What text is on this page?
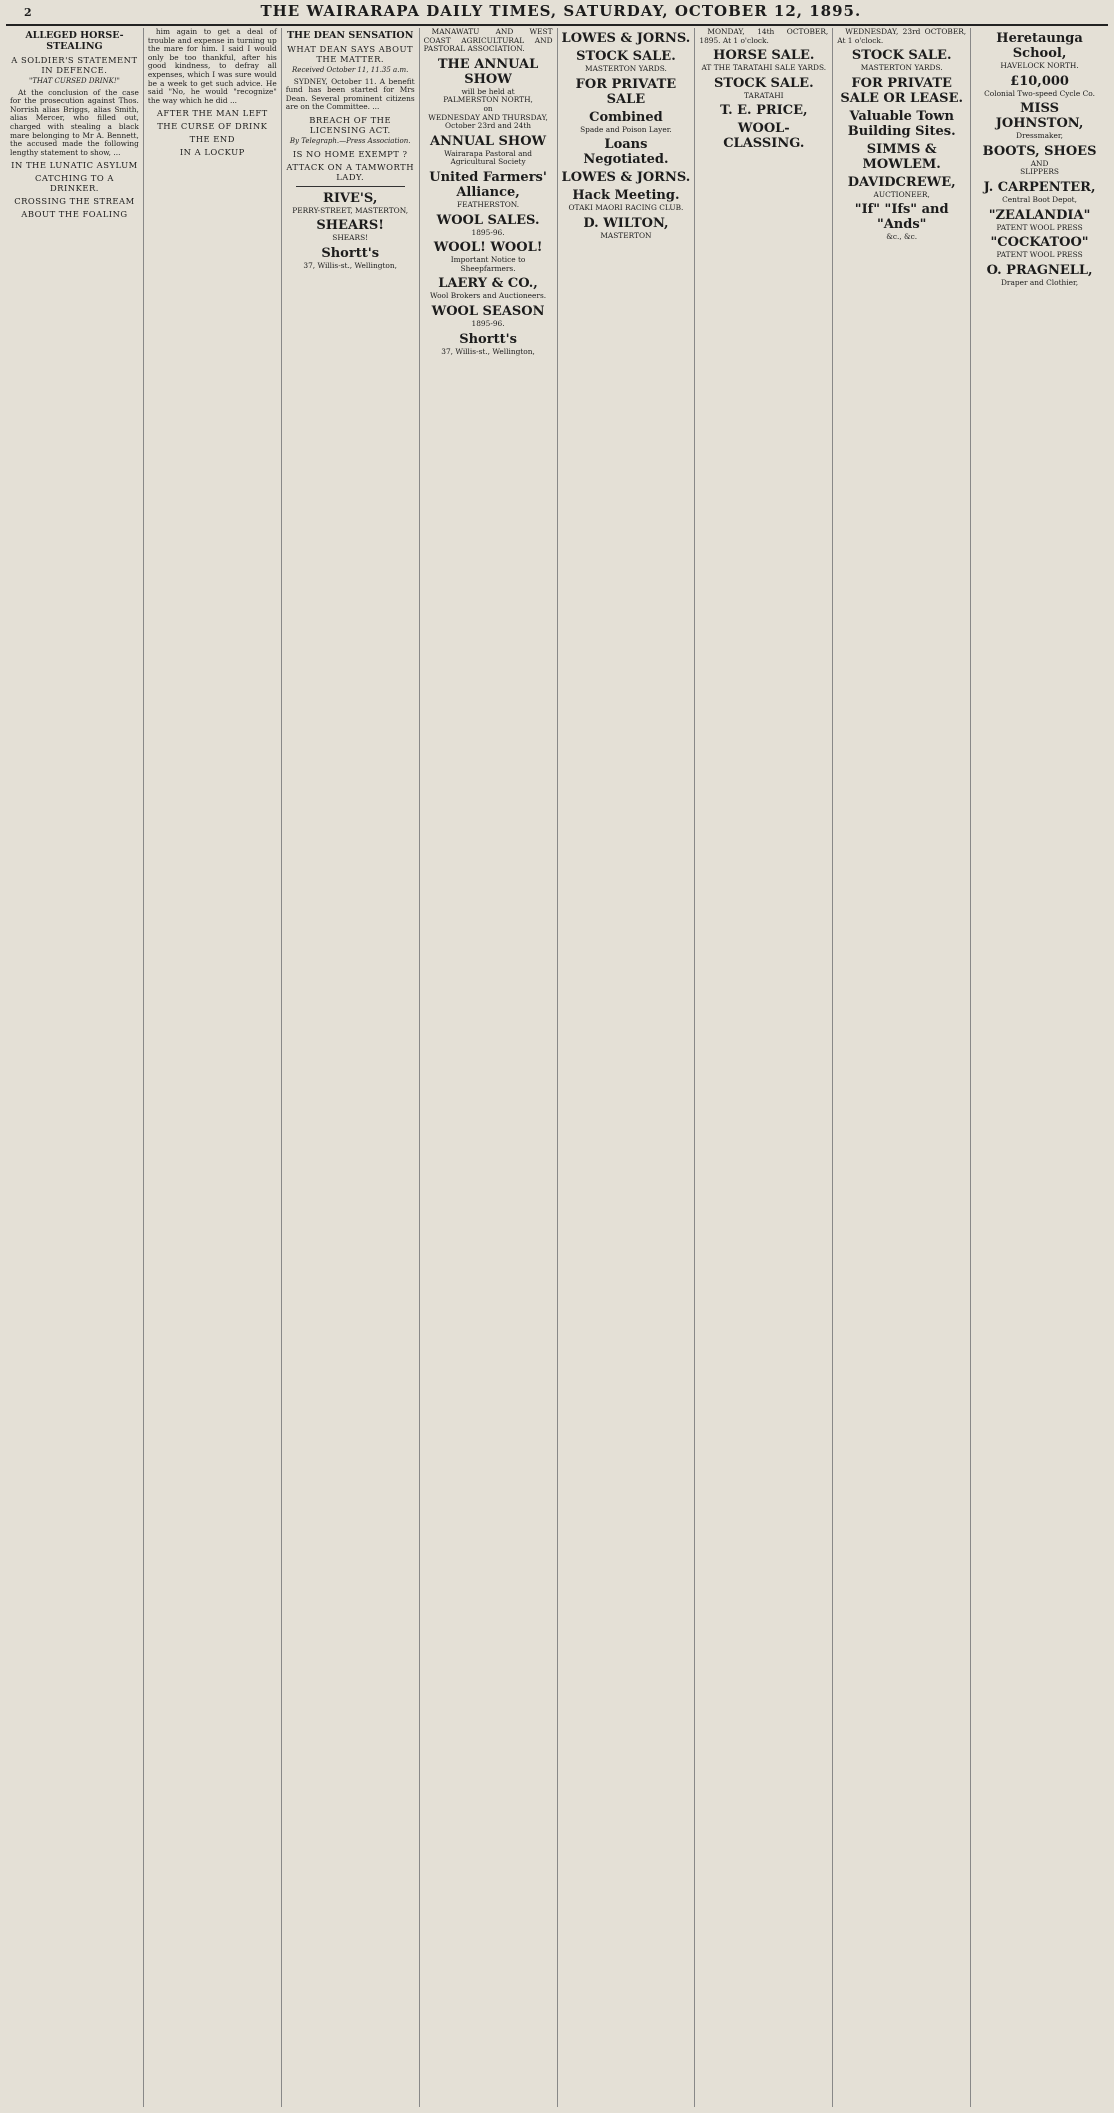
2	THE WAIRARAPA DAILY TIMES, SATURDAY, OCTOBER 12, 1895.
ALLEGED HORSE-STEALING
A SOLDIER'S STATEMENT IN DEFENCE.
"THAT CURSED DRINK!"

At the conclusion of the case for the prosecution against Thos. Norrish alias Briggs, alias Smith, alias Mercer, who filled out, charged with stealing a black mare belonging to Mr A. Bennett, the accused made the following lengthy statement to show, ...

IN THE LUNATIC ASYLUM
CATCHING TO A DRINKER.
CROSSING THE STREAM
ABOUT THE FOALING

him again to get a deal of trouble and expense in turning up the mare for him. I said I would only be too thankful, after his good kindness, to defray all expenses, which I was sure would be a week to get such advice. He said "No, he would "recognize" the way which he did ...

AFTER THE MAN LEFT
THE CURSE OF DRINK
THE END
IN A LOCKUP
THE DEAN SENSATION
WHAT DEAN SAYS ABOUT THE MATTER.
Received October 11, 11.35 a.m.

SYDNEY, October 11. A benefit fund has been started for Mrs Dean. Several prominent citizens are on the Committee. ...

BREACH OF THE LICENSING ACT.
By Telegraph.—Press Association.
IS NO HOME EXEMPT ?
ATTACK ON A TAMWORTH LADY.
RIVE'S,
PERRY-STREET, MASTERTON,
SHEARS!
SHEARS!
Shortt's
37, Willis-st., Wellington,

MANAWATU AND WEST COAST AGRICULTURAL AND PASTORAL ASSOCIATION.

THE ANNUAL SHOW
will be held at
PALMERSTON NORTH,
on
WEDNESDAY AND THURSDAY,
October 23rd and 24th
ANNUAL SHOW
Wairarapa Pastoral and Agricultural Society
United Farmers' Alliance,
FEATHERSTON.
WOOL SALES.
1895-96.
WOOL! WOOL!
Important Notice to Sheepfarmers.
LAERY & CO.,
Wool Brokers and Auctioneers.
WOOL SEASON
1895-96.
Shortt's
37, Willis-st., Wellington,
LOWES & JORNS.
STOCK SALE.
MASTERTON YARDS.
FOR PRIVATE SALE
Combined
Spade and Poison Layer.
Loans Negotiated.
LOWES & JORNS.
Hack Meeting.
OTAKI MAORI RACING CLUB.
D. WILTON,
MASTERTON

MONDAY, 14th OCTOBER, 1895. At 1 o'clock.

HORSE SALE.
AT THE TARATAHI SALE YARDS.
STOCK SALE.
TARATAHI
T. E. PRICE,
WOOL-CLASSING.

WEDNESDAY, 23rd OCTOBER, At 1 o'clock.

STOCK SALE.
MASTERTON YARDS.
FOR PRIVATE SALE OR LEASE.
Valuable Town Building Sites.
SIMMS & MOWLEM.
DAVIDCREWE,
AUCTIONEER,
"If" "Ifs" and "Ands"
&c., &c.
Heretaunga School,
HAVELOCK NORTH.
£10,000
Colonial Two-speed Cycle Co.
MISS JOHNSTON,
Dressmaker,
BOOTS, SHOES
AND
SLIPPERS
J. CARPENTER,
Central Boot Depot,
"ZEALANDIA"
PATENT WOOL PRESS
"COCKATOO"
PATENT WOOL PRESS
O. PRAGNELL,
Draper and Clothier,
